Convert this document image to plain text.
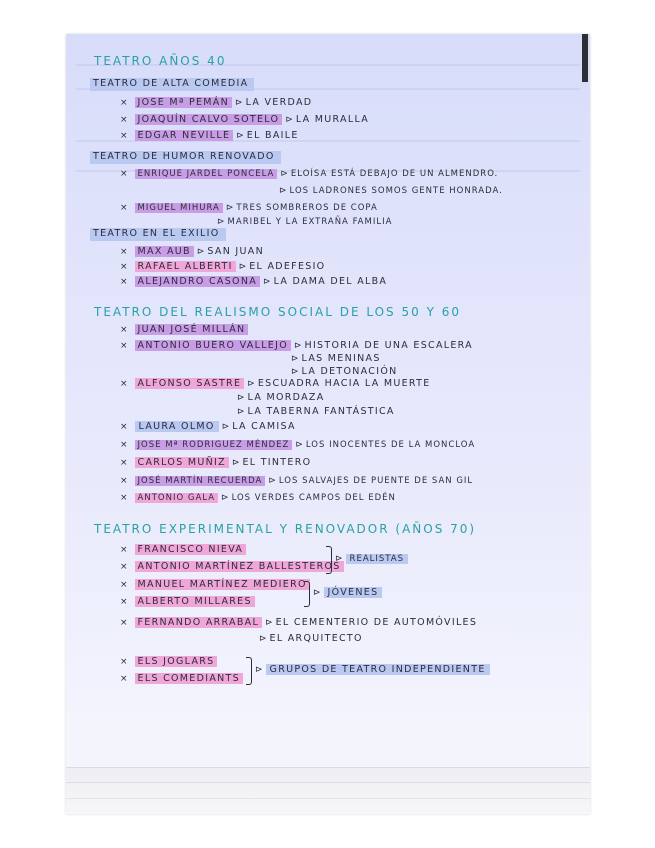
TEATRO AÑOS 40
TEATRO DE ALTA COMEDIA
× JOSE Mª PEMÁN ⊳ LA VERDAD
× JOAQUÍN CALVO SOTELO ⊳ LA MURALLA
× EDGAR NEVILLE ⊳ EL BAILE
TEATRO DE HUMOR RENOVADO
× ENRIQUE JARDEL PONCELA ⊳ ELOÍSA ESTÁ DEBAJO DE UN ALMENDRO.
⊳ LOS LADRONES SOMOS GENTE HONRADA.
× MIGUEL MIHURA ⊳ TRES SOMBREROS DE COPA
⊳ MARIBEL Y LA EXTRAÑA FAMILIA
TEATRO EN EL EXILIO
× MAX AUB ⊳ SAN JUAN
× RAFAEL ALBERTI ⊳ EL ADEFESIO
× ALEJANDRO CASONA ⊳ LA DAMA DEL ALBA
TEATRO DEL REALISMO SOCIAL DE LOS 50 Y 60
× JUAN JOSÉ MILLÁN
× ANTONIO BUERO VALLEJO ⊳ HISTORIA DE UNA ESCALERA
⊳ LAS MENINAS
⊳ LA DETONACIÓN
× ALFONSO SASTRE ⊳ ESCUADRA HACIA LA MUERTE
⊳ LA MORDAZA
⊳ LA TABERNA FANTÁSTICA
× LAURA OLMO ⊳ LA CAMISA
× JOSE Mª RODRIGUEZ MÉNDEZ ⊳ LOS INOCENTES DE LA MONCLOA
× CARLOS MUÑIZ ⊳ EL TINTERO
× JOSÉ MARTÍN RECUERDA ⊳ LOS SALVAJES DE PUENTE DE SAN GIL
× ANTONIO GALA ⊳ LOS VERDES CAMPOS DEL EDÉN
TEATRO EXPERIMENTAL Y RENOVADOR (AÑOS 70)
× FRANCISCO NIEVA
× ANTONIO MARTÍNEZ BALLESTEROS
⊳ REALISTAS
× MANUEL MARTÍNEZ MEDIERO
× ALBERTO MILLARES
⊳ JÓVENES
× FERNANDO ARRABAL ⊳ EL CEMENTERIO DE AUTOMÓVILES
⊳ EL ARQUITECTO
× ELS JOGLARS
× ELS COMEDIANTS
⊳ GRUPOS DE TEATRO INDEPENDIENTE
